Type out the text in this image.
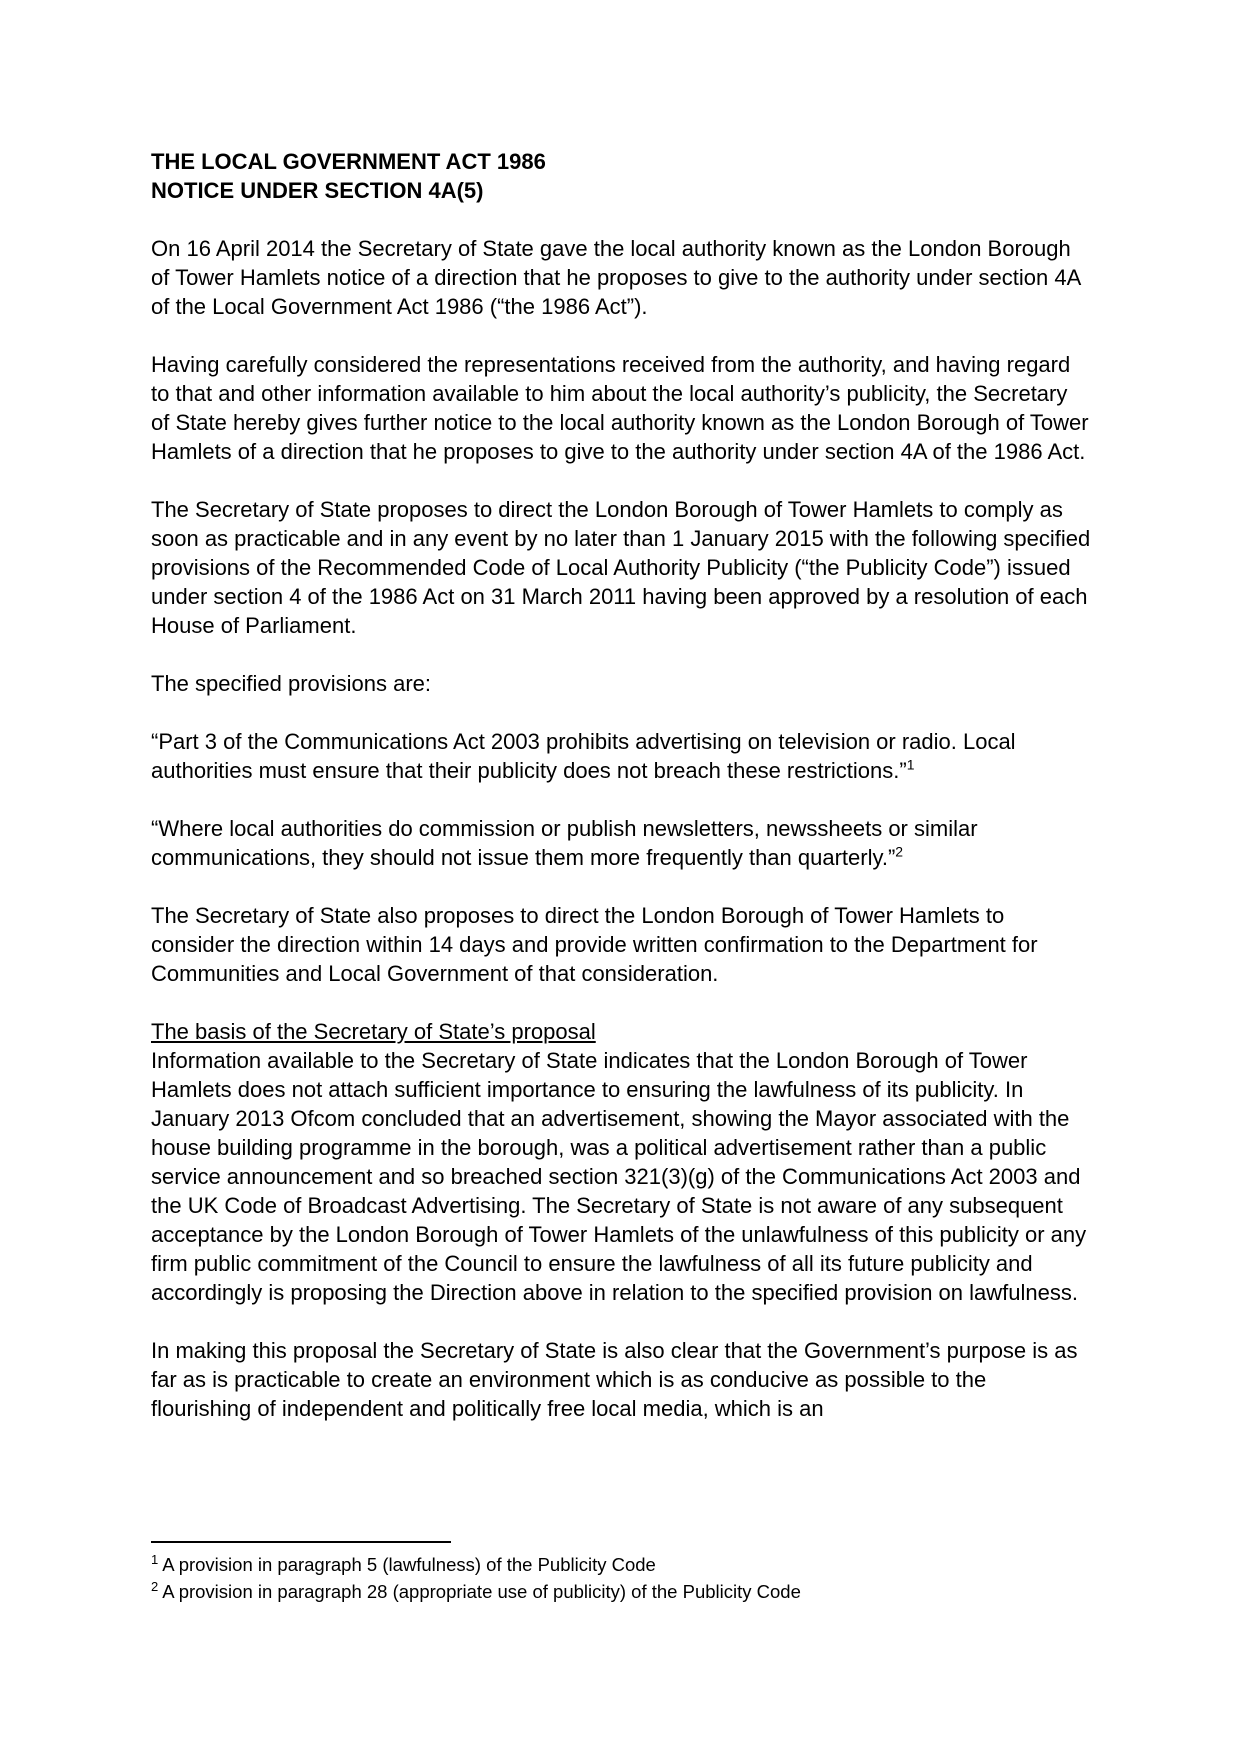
THE LOCAL GOVERNMENT ACT 1986

NOTICE UNDER SECTION 4A(5)

On 16 April 2014 the Secretary of State gave the local authority known as the London Borough of Tower Hamlets notice of a direction that he proposes to give to the authority under section 4A of the Local Government Act 1986 (“the 1986 Act”).

Having carefully considered the representations received from the authority, and having regard to that and other information available to him about the local authority’s publicity, the Secretary of State hereby gives further notice to the local authority known as the London Borough of Tower Hamlets of a direction that he proposes to give to the authority under section 4A of the 1986 Act.

The Secretary of State proposes to direct the London Borough of Tower Hamlets to comply as soon as practicable and in any event by no later than 1 January 2015 with the following specified provisions of the Recommended Code of Local Authority Publicity (“the Publicity Code”) issued under section 4 of the 1986 Act on 31 March 2011 having been approved by a resolution of each House of Parliament.

The specified provisions are:

“Part 3 of the Communications Act 2003 prohibits advertising on television or radio. Local authorities must ensure that their publicity does not breach these restrictions.”$^1$

“Where local authorities do commission or publish newsletters, newssheets or similar communications, they should not issue them more frequently than quarterly.”$^2$

The Secretary of State also proposes to direct the London Borough of Tower Hamlets to consider the direction within 14 days and provide written confirmation to the Department for Communities and Local Government of that consideration.

The basis of the Secretary of State’s proposal

Information available to the Secretary of State indicates that the London Borough of Tower Hamlets does not attach sufficient importance to ensuring the lawfulness of its publicity. In January 2013 Ofcom concluded that an advertisement, showing the Mayor associated with the house building programme in the borough, was a political advertisement rather than a public service announcement and so breached section 321(3)(g) of the Communications Act 2003 and the UK Code of Broadcast Advertising. The Secretary of State is not aware of any subsequent acceptance by the London Borough of Tower Hamlets of the unlawfulness of this publicity or any firm public commitment of the Council to ensure the lawfulness of all its future publicity and accordingly is proposing the Direction above in relation to the specified provision on lawfulness.

In making this proposal the Secretary of State is also clear that the Government’s purpose is as far as is practicable to create an environment which is as conducive as possible to the flourishing of independent and politically free local media, which is an

$^1$ A provision in paragraph 5 (lawfulness) of the Publicity Code

$^2$ A provision in paragraph 28 (appropriate use of publicity) of the Publicity Code
